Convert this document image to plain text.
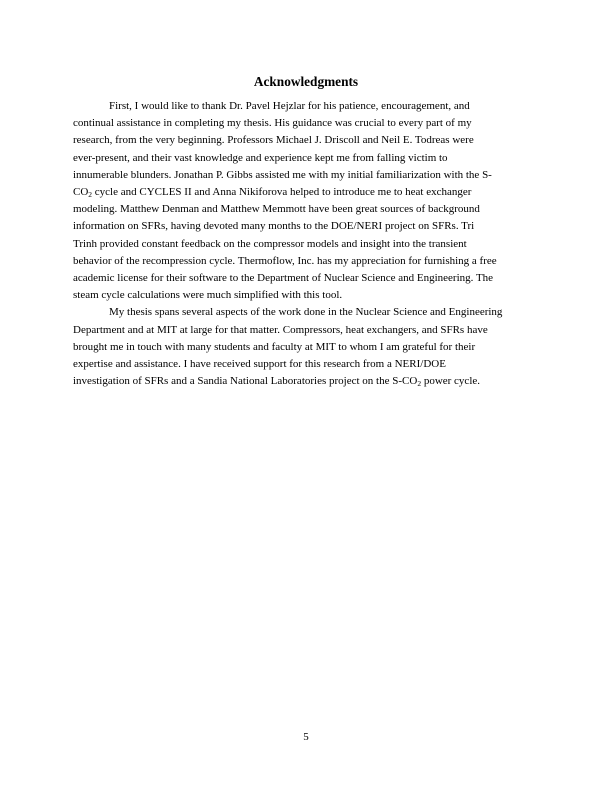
Acknowledgments
First, I would like to thank Dr. Pavel Hejzlar for his patience, encouragement, and
continual assistance in completing my thesis. His guidance was crucial to every part of my
research, from the very beginning. Professors Michael J. Driscoll and Neil E. Todreas were
ever-present, and their vast knowledge and experience kept me from falling victim to
innumerable blunders. Jonathan P. Gibbs assisted me with my initial familiarization with the S-
$CO_2$ cycle and CYCLES II and Anna Nikiforova helped to introduce me to heat exchanger
modeling. Matthew Denman and Matthew Memmott have been great sources of background
information on SFRs, having devoted many months to the DOE/NERI project on SFRs. Tri
Trinh provided constant feedback on the compressor models and insight into the transient
behavior of the recompression cycle. Thermoflow, Inc. has my appreciation for furnishing a free
academic license for their software to the Department of Nuclear Science and Engineering. The
steam cycle calculations were much simplified with this tool.
My thesis spans several aspects of the work done in the Nuclear Science and Engineering
Department and at MIT at large for that matter. Compressors, heat exchangers, and SFRs have
brought me in touch with many students and faculty at MIT to whom I am grateful for their
expertise and assistance. I have received support for this research from a NERI/DOE
investigation of SFRs and a Sandia National Laboratories project on the $S-CO_2$ power cycle.
5
